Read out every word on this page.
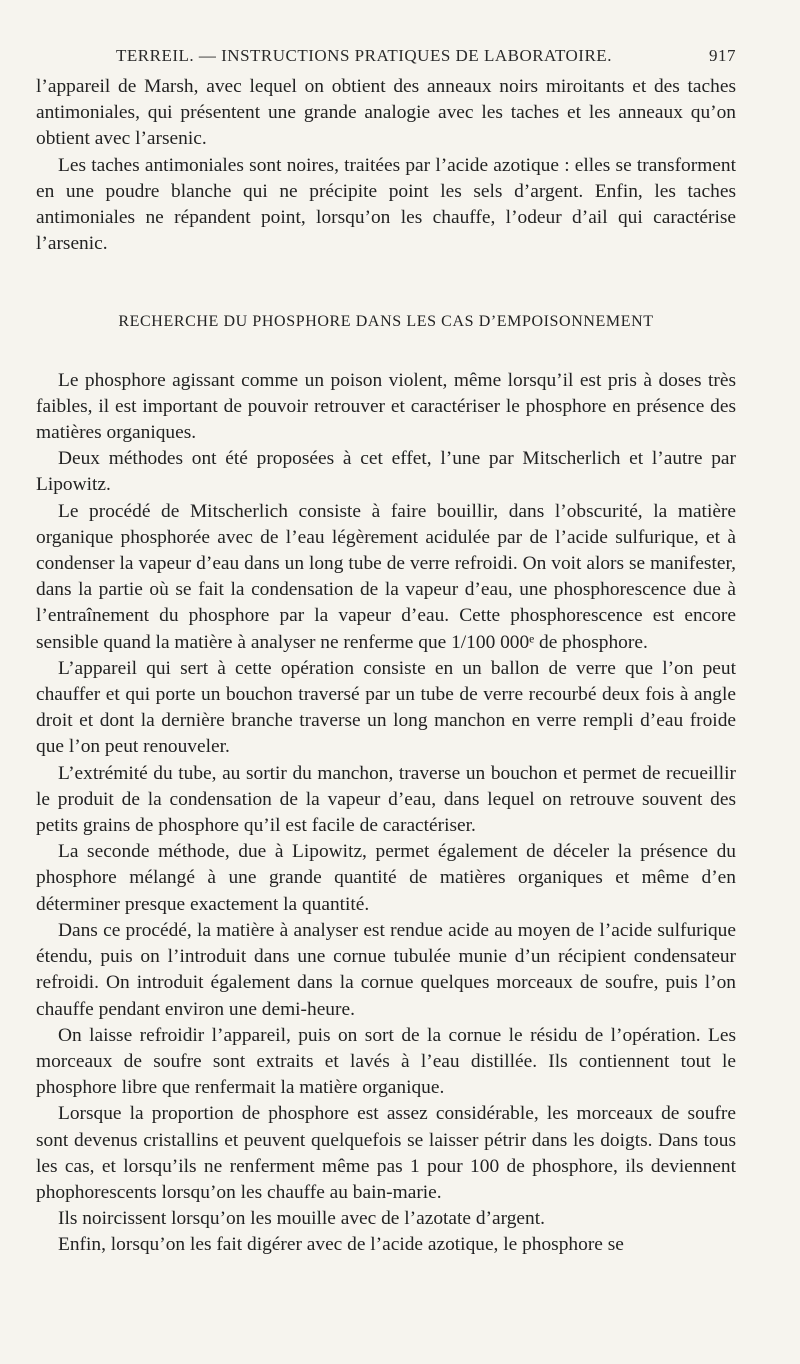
TERREIL. — INSTRUCTIONS PRATIQUES DE LABORATOIRE.	917

l’appareil de Marsh, avec lequel on obtient des anneaux noirs miroitants et des taches antimoniales, qui présentent une grande analogie avec les taches et les anneaux qu’on obtient avec l’arsenic.

Les taches antimoniales sont noires, traitées par l’acide azotique : elles se transforment en une poudre blanche qui ne précipite point les sels d’argent. Enfin, les taches antimoniales ne répandent point, lorsqu’on les chauffe, l’odeur d’ail qui caractérise l’arsenic.

RECHERCHE DU PHOSPHORE DANS LES CAS D’EMPOISONNEMENT

Le phosphore agissant comme un poison violent, même lorsqu’il est pris à doses très faibles, il est important de pouvoir retrouver et caractériser le phosphore en présence des matières organiques.

Deux méthodes ont été proposées à cet effet, l’une par Mitscherlich et l’autre par Lipowitz.

Le procédé de Mitscherlich consiste à faire bouillir, dans l’obscurité, la matière organique phosphorée avec de l’eau légèrement acidulée par de l’acide sulfurique, et à condenser la vapeur d’eau dans un long tube de verre refroidi. On voit alors se manifester, dans la partie où se fait la condensation de la vapeur d’eau, une phosphorescence due à l’entraînement du phosphore par la vapeur d’eau. Cette phosphorescence est encore sensible quand la matière à analyser ne renferme que 1/100 000ᵉ de phosphore.

L’appareil qui sert à cette opération consiste en un ballon de verre que l’on peut chauffer et qui porte un bouchon traversé par un tube de verre recourbé deux fois à angle droit et dont la dernière branche traverse un long manchon en verre rempli d’eau froide que l’on peut renouveler.

L’extrémité du tube, au sortir du manchon, traverse un bouchon et permet de recueillir le produit de la condensation de la vapeur d’eau, dans lequel on retrouve souvent des petits grains de phosphore qu’il est facile de caractériser.

La seconde méthode, due à Lipowitz, permet également de déceler la présence du phosphore mélangé à une grande quantité de matières organiques et même d’en déterminer presque exactement la quantité.

Dans ce procédé, la matière à analyser est rendue acide au moyen de l’acide sulfurique étendu, puis on l’introduit dans une cornue tubulée munie d’un récipient condensateur refroidi. On introduit également dans la cornue quelques morceaux de soufre, puis l’on chauffe pendant environ une demi-heure.

On laisse refroidir l’appareil, puis on sort de la cornue le résidu de l’opération. Les morceaux de soufre sont extraits et lavés à l’eau distillée. Ils contiennent tout le phosphore libre que renfermait la matière organique.

Lorsque la proportion de phosphore est assez considérable, les morceaux de soufre sont devenus cristallins et peuvent quelquefois se laisser pétrir dans les doigts. Dans tous les cas, et lorsqu’ils ne renferment même pas 1 pour 100 de phosphore, ils deviennent phophorescents lorsqu’on les chauffe au bain-marie.

Ils noircissent lorsqu’on les mouille avec de l’azotate d’argent.

Enfin, lorsqu’on les fait digérer avec de l’acide azotique, le phosphore se
